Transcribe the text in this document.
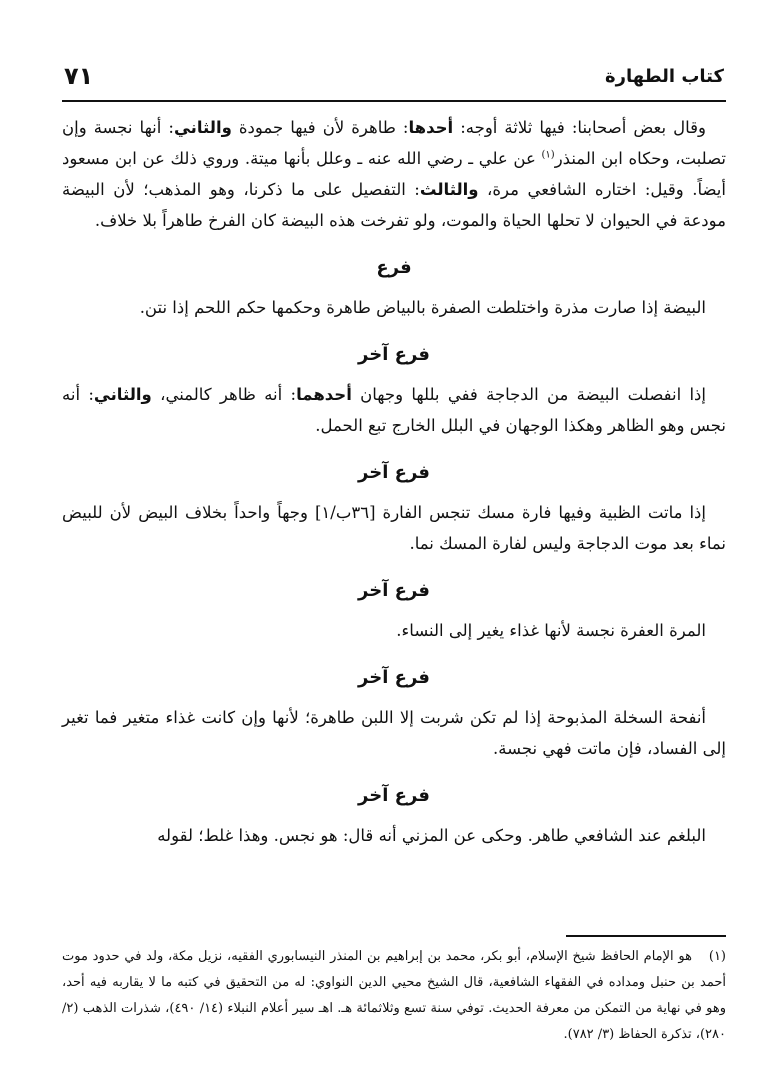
٧١	كتاب الطهارة

وقال بعض أصحابنا: فيها ثلاثة أوجه: أحدها: طاهرة لأن فيها جمودة والثاني: أنها نجسة وإن تصلبت، وحكاه ابن المنذر$^{(١)}$ عن علي ـ رضي الله عنه ـ وعلل بأنها ميتة. وروي ذلك عن ابن مسعود أيضاً. وقيل: اختاره الشافعي مرة، والثالث: التفصيل على ما ذكرنا، وهو المذهب؛ لأن البيضة مودعة في الحيوان لا تحلها الحياة والموت، ولو تفرخت هذه البيضة كان الفرخ طاهراً بلا خلاف.

فرع

البيضة إذا صارت مذرة واختلطت الصفرة بالبياض طاهرة وحكمها حكم اللحم إذا نتن.

فرع آخر

إذا انفصلت البيضة من الدجاجة ففي بللها وجهان أحدهما: أنه ظاهر كالمني، والثاني: أنه نجس وهو الظاهر وهكذا الوجهان في البلل الخارج تبع الحمل.

فرع آخر

إذا ماتت الظبية وفيها فارة مسك تنجس الفارة [٣٦ب/١] وجهاً واحداً بخلاف البيض لأن للبيض نماء بعد موت الدجاجة وليس لفارة المسك نما.

فرع آخر

المرة العفرة نجسة لأنها غذاء يغير إلى النساء.

فرع آخر

أنفحة السخلة المذبوحة إذا لم تكن شربت إلا اللبن طاهرة؛ لأنها وإن كانت غذاء متغير فما تغير إلى الفساد، فإن ماتت فهي نجسة.

فرع آخر

البلغم عند الشافعي طاهر. وحكى عن المزني أنه قال: هو نجس. وهذا غلط؛ لقوله

(١)هو الإمام الحافظ شيخ الإسلام، أبو بكر، محمد بن إبراهيم بن المنذر النيسابوري الفقيه، نزيل مكة، ولد في حدود موت أحمد بن حنبل ومداده في الفقهاء الشافعية، قال الشيخ محيي الدين النواوي: له من التحقيق في كتبه ما لا يقاربه فيه أحد، وهو في نهاية من التمكن من معرفة الحديث. توفي سنة تسع وثلاثمائة هـ. اهـ سير أعلام النبلاء (١٤/ ٤٩٠)، شذرات الذهب (٢/ ٢٨٠)، تذكرة الحفاظ (٣/ ٧٨٢).
